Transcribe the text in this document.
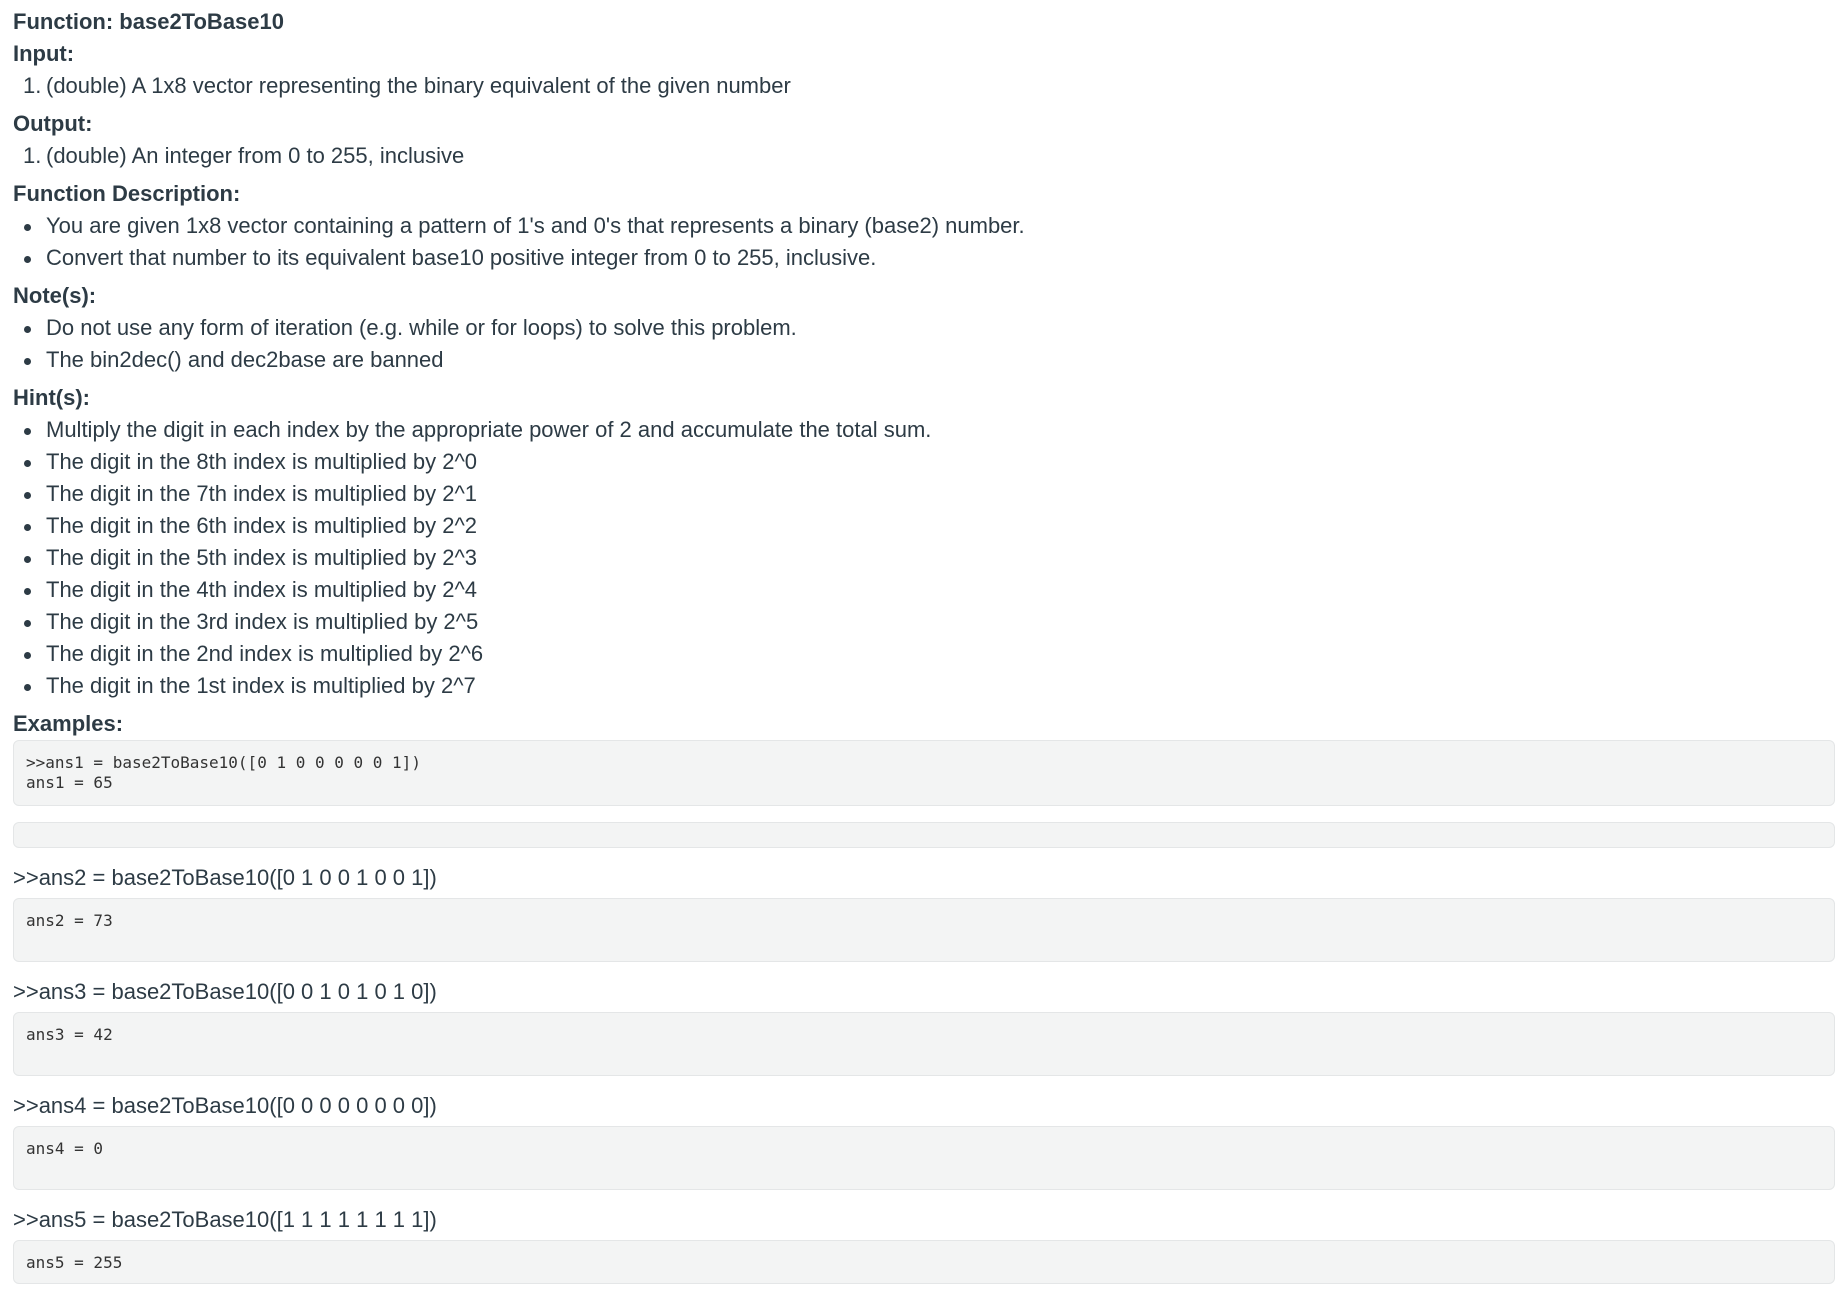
Function: base2ToBase10

Input:

1. (double) A 1x8 vector representing the binary equivalent of the given number

Output:

1. (double) An integer from 0 to 255, inclusive

Function Description:

You are given 1x8 vector containing a pattern of 1's and 0's that represents a binary (base2) number.
Convert that number to its equivalent base10 positive integer from 0 to 255, inclusive.

Note(s):

Do not use any form of iteration (e.g. while or for loops) to solve this problem.
The bin2dec() and dec2base are banned

Hint(s):

Multiply the digit in each index by the appropriate power of 2 and accumulate the total sum.
The digit in the 8th index is multiplied by 2^0
The digit in the 7th index is multiplied by 2^1
The digit in the 6th index is multiplied by 2^2
The digit in the 5th index is multiplied by 2^3
The digit in the 4th index is multiplied by 2^4
The digit in the 3rd index is multiplied by 2^5
The digit in the 2nd index is multiplied by 2^6
The digit in the 1st index is multiplied by 2^7

Examples:

>>ans1 = base2ToBase10([0 1 0 0 0 0 0 1])
ans1 = 65
>>ans2 = base2ToBase10([0 1 0 0 1 0 0 1])
ans2 = 73
>>ans3 = base2ToBase10([0 0 1 0 1 0 1 0])
ans3 = 42
>>ans4 = base2ToBase10([0 0 0 0 0 0 0 0])
ans4 = 0
>>ans5 = base2ToBase10([1 1 1 1 1 1 1 1])
ans5 = 255
